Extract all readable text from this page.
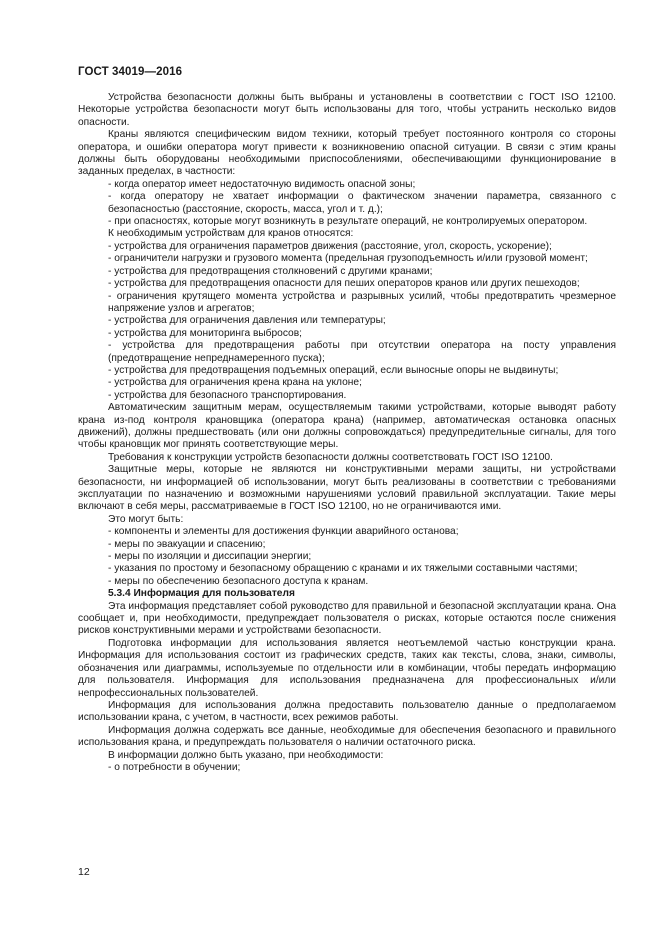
ГОСТ 34019—2016

Устройства безопасности должны быть выбраны и установлены в соответствии с ГОСТ ISO 12100. Некоторые устройства безопасности могут быть использованы для того, чтобы устранить несколько видов опасности.

Краны являются специфическим видом техники, который требует постоянного контроля со стороны оператора, и ошибки оператора могут привести к возникновению опасной ситуации. В связи с этим краны должны быть оборудованы необходимыми приспособлениями, обеспечивающими функционирование в заданных пределах, в частности:

- когда оператор имеет недостаточную видимость опасной зоны;

- когда оператору не хватает информации о фактическом значении параметра, связанного с безопасностью (расстояние, скорость, масса, угол и т. д.);

- при опасностях, которые могут возникнуть в результате операций, не контролируемых оператором.

К необходимым устройствам для кранов относятся:

- устройства для ограничения параметров движения (расстояние, угол, скорость, ускорение);

- ограничители нагрузки и грузового момента (предельная грузоподъемность и/или грузовой момент;

- устройства для предотвращения столкновений с другими кранами;

- устройства для предотвращения опасности для пеших операторов кранов или других пешеходов;

- ограничения крутящего момента устройства и разрывных усилий, чтобы предотвратить чрезмерное напряжение узлов и агрегатов;

- устройства для ограничения давления или температуры;

- устройства для мониторинга выбросов;

- устройства для предотвращения работы при отсутствии оператора на посту управления (предотвращение непреднамеренного пуска);

- устройства для предотвращения подъемных операций, если выносные опоры не выдвинуты;

- устройства для ограничения крена крана на уклоне;

- устройства для безопасного транспортирования.

Автоматическим защитным мерам, осуществляемым такими устройствами, которые выводят работу крана из-под контроля крановщика (оператора крана) (например, автоматическая остановка опасных движений), должны предшествовать (или они должны сопровождаться) предупредительные сигналы, для того чтобы крановщик мог принять соответствующие меры.

Требования к конструкции устройств безопасности должны соответствовать ГОСТ ISO 12100.

Защитные меры, которые не являются ни конструктивными мерами защиты, ни устройствами безопасности, ни информацией об использовании, могут быть реализованы в соответствии с требованиями эксплуатации по назначению и возможными нарушениями условий правильной эксплуатации. Такие меры включают в себя меры, рассматриваемые в ГОСТ ISO 12100, но не ограничиваются ими.

Это могут быть:

- компоненты и элементы для достижения функции аварийного останова;

- меры по эвакуации и спасению;

- меры по изоляции и диссипации энергии;

- указания по простому и безопасному обращению с кранами и их тяжелыми составными частями;

- меры по обеспечению безопасного доступа к кранам.

5.3.4 Информация для пользователя

Эта информация представляет собой руководство для правильной и безопасной эксплуатации крана. Она сообщает и, при необходимости, предупреждает пользователя о рисках, которые остаются после снижения рисков конструктивными мерами и устройствами безопасности.

Подготовка информации для использования является неотъемлемой частью конструкции крана. Информация для использования состоит из графических средств, таких как тексты, слова, знаки, символы, обозначения или диаграммы, используемые по отдельности или в комбинации, чтобы передать информацию для пользователя. Информация для использования предназначена для профессиональных и/или непрофессиональных пользователей.

Информация для использования должна предоставить пользователю данные о предполагаемом использовании крана, с учетом, в частности, всех режимов работы.

Информация должна содержать все данные, необходимые для обеспечения безопасного и правильного использования крана, и предупреждать пользователя о наличии остаточного риска.

В информации должно быть указано, при необходимости:

- о потребности в обучении;

12
